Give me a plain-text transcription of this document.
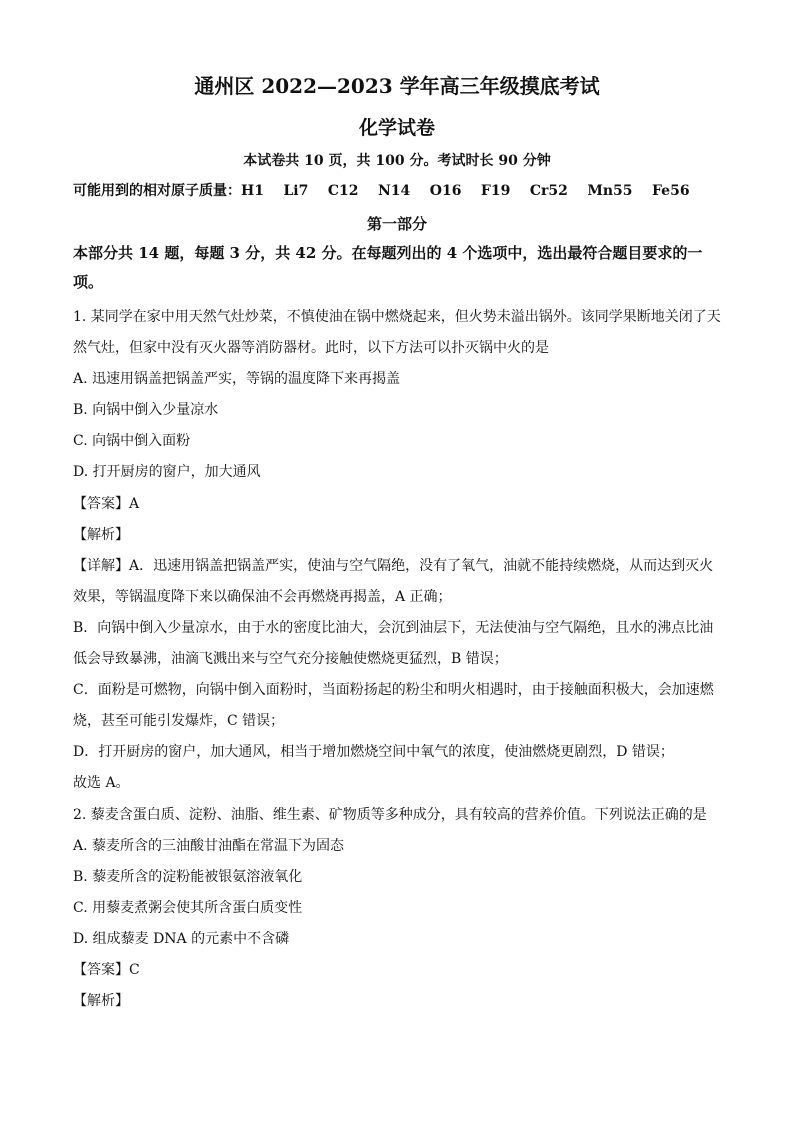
通州区 2022—2023 学年高三年级摸底考试
化学试卷
本试卷共 10 页，共 100 分。考试时长 90 分钟
可能用到的相对原子质量：H1    Li7    C12    N14    O16    F19    Cr52    Mn55    Fe56
第一部分
本部分共 14 题，每题 3 分，共 42 分。在每题列出的 4 个选项中，选出最符合题目要求的一
项。
1. 某同学在家中用天然气灶炒菜，不慎使油在锅中燃烧起来，但火势未溢出锅外。该同学果断地关闭了天
然气灶，但家中没有灭火器等消防器材。此时，以下方法可以扑灭锅中火的是
A. 迅速用锅盖把锅盖严实，等锅的温度降下来再揭盖
B. 向锅中倒入少量凉水
C. 向锅中倒入面粉
D. 打开厨房的窗户，加大通风
【答案】A
【解析】
【详解】A．迅速用锅盖把锅盖严实，使油与空气隔绝，没有了氧气，油就不能持续燃烧，从而达到灭火
效果，等锅温度降下来以确保油不会再燃烧再揭盖，A 正确；
B．向锅中倒入少量凉水，由于水的密度比油大，会沉到油层下，无法使油与空气隔绝，且水的沸点比油
低会导致暴沸，油滴飞溅出来与空气充分接触使燃烧更猛烈，B 错误；
C．面粉是可燃物，向锅中倒入面粉时，当面粉扬起的粉尘和明火相遇时，由于接触面积极大，会加速燃
烧，甚至可能引发爆炸，C 错误；
D．打开厨房的窗户，加大通风，相当于增加燃烧空间中氧气的浓度，使油燃烧更剧烈，D 错误；
故选 A。
2. 藜麦含蛋白质、淀粉、油脂、维生素、矿物质等多种成分，具有较高的营养价值。下列说法正确的是
A. 藜麦所含的三油酸甘油酯在常温下为固态
B. 藜麦所含的淀粉能被银氨溶液氧化
C. 用藜麦煮粥会使其所含蛋白质变性
D. 组成藜麦 DNA 的元素中不含磷
【答案】C
【解析】
